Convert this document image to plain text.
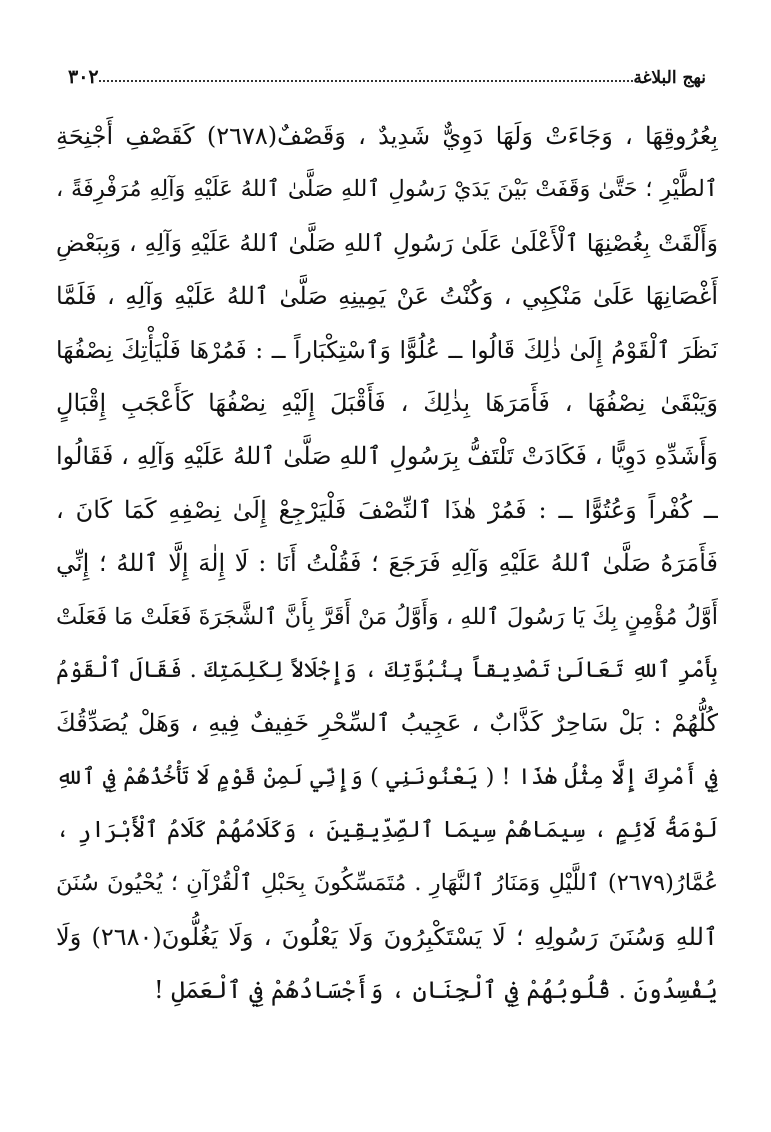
نهج البلاغة
٣٠٢
بِعُرُوقِهَا ، وَجَاءَتْ وَلَهَا دَوِيٌّ شَدِيدٌ ، وَقَصْفٌ(٢٦٧٨) كَقَصْفِ أَجْنِحَةِ
ٱلطَّيْرِ ؛ حَتَّىٰ وَقَفَتْ بَيْنَ يَدَيْ رَسُولِ ٱللهِ صَلَّىٰ ٱللهُ عَلَيْهِ وَآلِهِ مُرَفْرِفَةً ،
وَأَلْقَتْ بِغُصْنِهَا ٱلْأَعْلَىٰ عَلَىٰ رَسُولِ ٱللهِ صَلَّىٰ ٱللهُ عَلَيْهِ وَآلِهِ ، وَبِبَعْضِ
أَغْصَانِهَا عَلَىٰ مَنْكِبِي ، وَكُنْتُ عَنْ يَمِينِهِ صَلَّىٰ ٱللهُ عَلَيْهِ وَآلِهِ ، فَلَمَّا
نَظَرَ ٱلْقَوْمُ إِلَىٰ ذٰلِكَ قَالُوا ــ عُلُوًّا وَٱسْتِكْبَاراً ــ : فَمُرْهَا فَلْيَأْتِكَ نِصْفُهَا
وَيَبْقَىٰ نِصْفُهَا ، فَأَمَرَهَا بِذٰلِكَ ، فَأَقْبَلَ إِلَيْهِ نِصْفُهَا كَأَعْجَبِ إِقْبَالٍ
وَأَشَدِّهِ دَوِيًّا ، فَكَادَتْ تَلْتَفُّ بِرَسُولِ ٱللهِ صَلَّىٰ ٱللهُ عَلَيْهِ وَآلِهِ ، فَقَالُوا
ــ كُفْراً وَعُتُوًّا ــ : فَمُرْ هٰذَا ٱلنِّصْفَ فَلْيَرْجِعْ إِلَىٰ نِصْفِهِ كَمَا كَانَ ،
فَأَمَرَهُ صَلَّىٰ ٱللهُ عَلَيْهِ وَآلِهِ فَرَجَعَ ؛ فَقُلْتُ أَنَا : لَا إِلٰهَ إِلَّا ٱللهُ ؛ إِنِّي
أَوَّلُ مُؤْمِنٍ بِكَ يَا رَسُولَ ٱللهِ ، وَأَوَّلُ مَنْ أَقَرَّ بِأَنَّ ٱلشَّجَرَةَ فَعَلَتْ مَا فَعَلَتْ
بِأَمْرِ ٱللهِ تَعَالَىٰ تَصْدِيقاً بِنُبُوَّتِكَ ، وَإِجْلَالاً لِكَلِمَتِكَ . فَقَالَ ٱلْقَوْمُ
كُلُّهُمْ : بَلْ سَاحِرٌ كَذَّابٌ ، عَجِيبُ ٱلسِّحْرِ خَفِيفٌ فِيهِ ، وَهَلْ يُصَدِّقُكَ
فِي أَمْرِكَ إِلَّا مِثْلُ هٰذَا ! ( يَعْنُونَنِي ) وَإِنِّي لَمِنْ قَوْمٍ لَا تَأْخُذُهُمْ فِي ٱللهِ
لَوْمَةُ لَائِمٍ ، سِيمَاهُمْ سِيمَا ٱلصِّدِّيقِينَ ، وَكَلَامُهُمْ كَلَامُ ٱلْأَبْرَارِ ،
عُمَّارُ(٢٦٧٩) ٱللَّيْلِ وَمَنَارُ ٱلنَّهَارِ . مُتَمَسِّكُونَ بِحَبْلِ ٱلْقُرْآنِ ؛ يُحْيُونَ سُنَنَ
ٱللهِ وَسُنَنَ رَسُولِهِ ؛ لَا يَسْتَكْبِرُونَ وَلَا يَعْلُونَ ، وَلَا يَغُلُّونَ(٢٦٨٠) وَلَا
يُفْسِدُونَ . قُلُوبُهُمْ فِي ٱلْجِنَانِ ، وَأَجْسَادُهُمْ فِي ٱلْعَمَلِ !
